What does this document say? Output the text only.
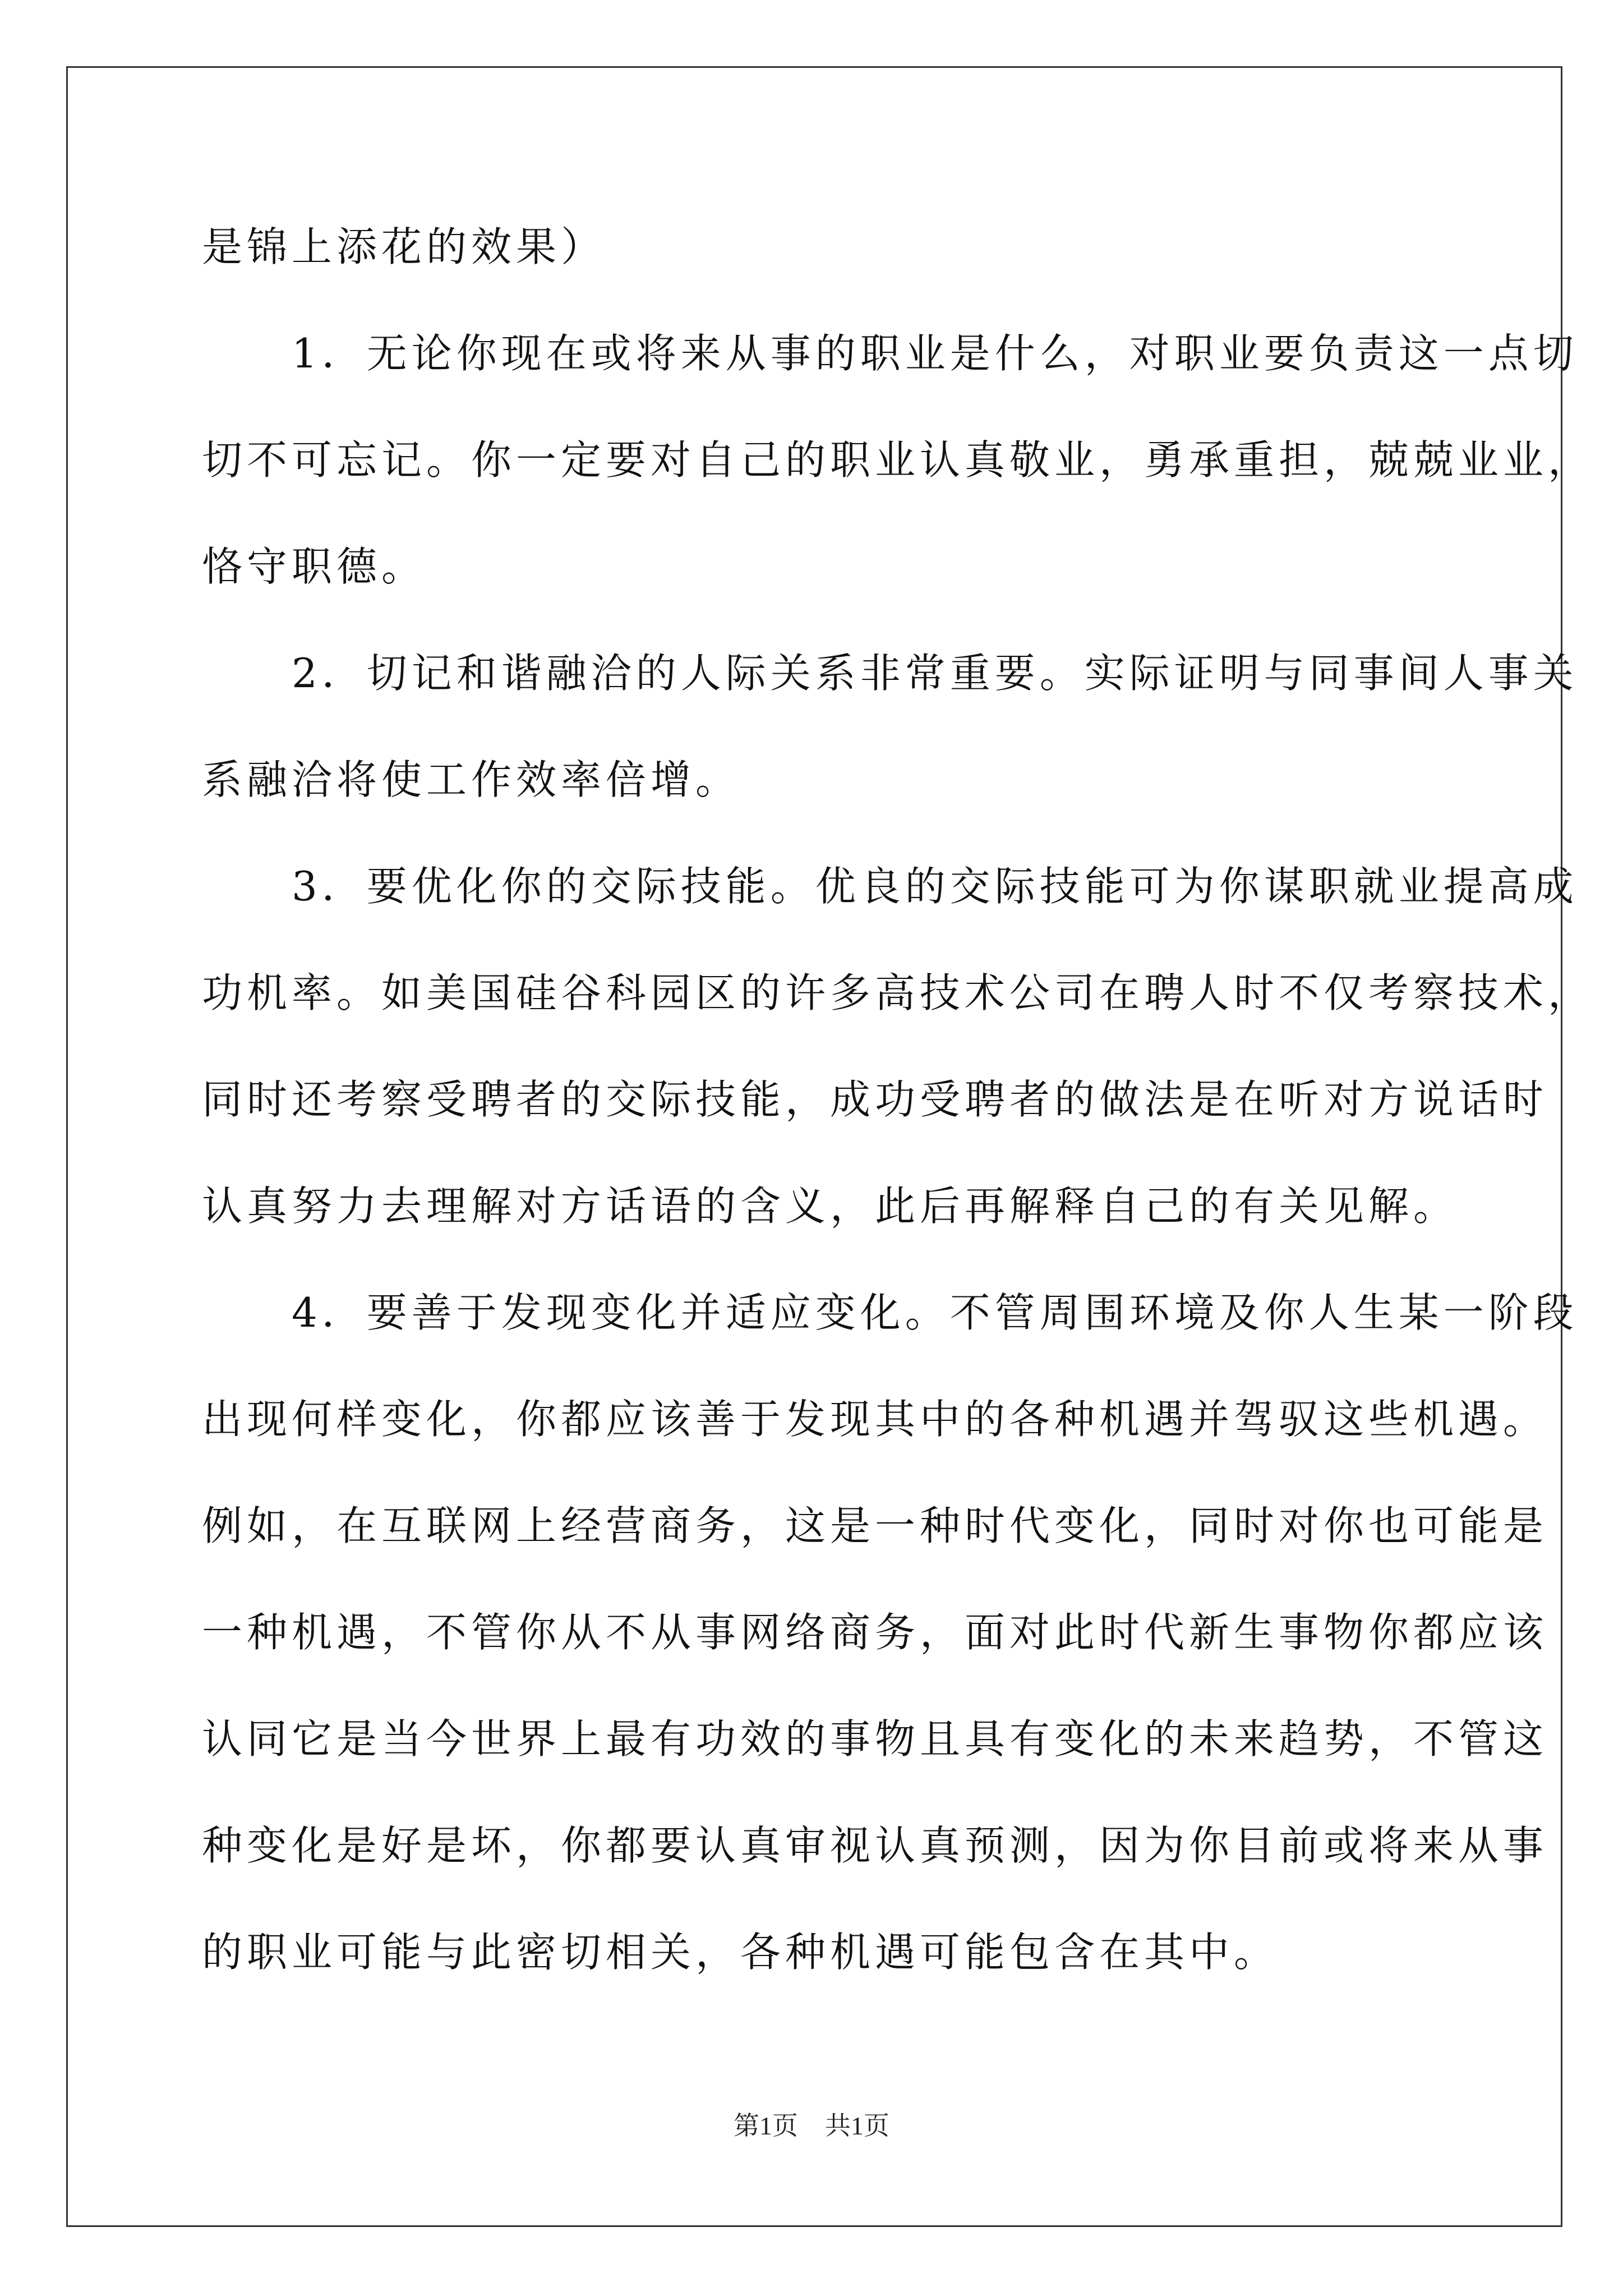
是锦上添花的效果）
　　1．无论你现在或将来从事的职业是什么，对职业要负责这一点切
切不可忘记。你一定要对自己的职业认真敬业，勇承重担，兢兢业业，
恪守职德。
　　2．切记和谐融洽的人际关系非常重要。实际证明与同事间人事关
系融洽将使工作效率倍增。
　　3．要优化你的交际技能。优良的交际技能可为你谋职就业提高成
功机率。如美国硅谷科园区的许多高技术公司在聘人时不仅考察技术，
同时还考察受聘者的交际技能，成功受聘者的做法是在听对方说话时
认真努力去理解对方话语的含义，此后再解释自己的有关见解。
　　4．要善于发现变化并适应变化。不管周围环境及你人生某一阶段
出现何样变化，你都应该善于发现其中的各种机遇并驾驭这些机遇。
例如，在互联网上经营商务，这是一种时代变化，同时对你也可能是
一种机遇，不管你从不从事网络商务，面对此时代新生事物你都应该
认同它是当今世界上最有功效的事物且具有变化的未来趋势，不管这
种变化是好是坏，你都要认真审视认真预测，因为你目前或将来从事
的职业可能与此密切相关，各种机遇可能包含在其中。
第1页 共1页
